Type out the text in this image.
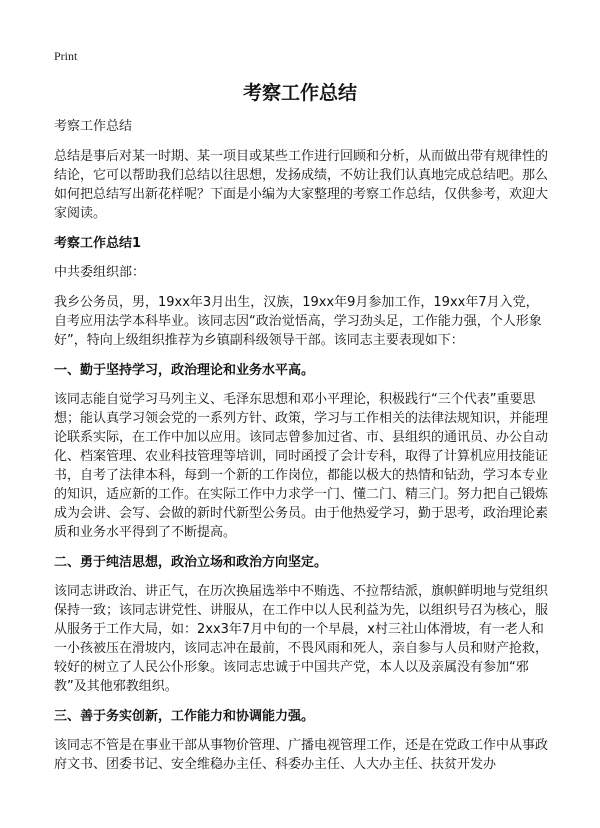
Print
考察工作总结

考察工作总结

总结是事后对某一时期、某一项目或某些工作进行回顾和分析，从而做出带有规律性的结论，它可以帮助我们总结以往思想，发扬成绩，不妨让我们认真地完成总结吧。那么如何把总结写出新花样呢？下面是小编为大家整理的考察工作总结，仅供参考，欢迎大家阅读。

考察工作总结1

中共委组织部：

我乡公务员，男，19xx年3月出生，汉族，19xx年9月参加工作，19xx年7月入党，自考应用法学本科毕业。该同志因“政治觉悟高，学习劲头足，工作能力强，个人形象好”，特向上级组织推荐为乡镇副科级领导干部。该同志主要表现如下：

一、勤于坚持学习，政治理论和业务水平高。

该同志能自觉学习马列主义、毛泽东思想和邓小平理论，积极践行“三个代表”重要思想；能认真学习领会党的一系列方针、政策，学习与工作相关的法律法规知识，并能理论联系实际，在工作中加以应用。该同志曾参加过省、市、县组织的通讯员、办公自动化、档案管理、农业科技管理等培训，同时函授了会计专科，取得了计算机应用技能证书，自考了法律本科，每到一个新的工作岗位，都能以极大的热情和钻劲，学习本专业的知识，适应新的工作。在实际工作中力求学一门、懂二门、精三门。努力把自己锻炼成为会讲、会写、会做的新时代新型公务员。由于他热爱学习，勤于思考，政治理论素质和业务水平得到了不断提高。

二、勇于纯洁思想，政治立场和政治方向坚定。

该同志讲政治、讲正气，在历次换届选举中不贿选、不拉帮结派，旗帜鲜明地与党组织保持一致；该同志讲党性、讲服从，在工作中以人民利益为先，以组织号召为核心，服从服务于工作大局，如：2xx3年7月中旬的一个早晨，x村三社山体滑坡，有一老人和一小孩被压在滑坡内，该同志冲在最前，不畏风雨和死人，亲自参与人员和财产抢救，较好的树立了人民公仆形象。该同志忠诚于中国共产党，本人以及亲属没有参加“邪教”及其他邪教组织。

三、善于务实创新，工作能力和协调能力强。

该同志不管是在事业干部从事物价管理、广播电视管理工作，还是在党政工作中从事政府文书、团委书记、安全维稳办主任、科委办主任、人大办主任、扶贫开发办
